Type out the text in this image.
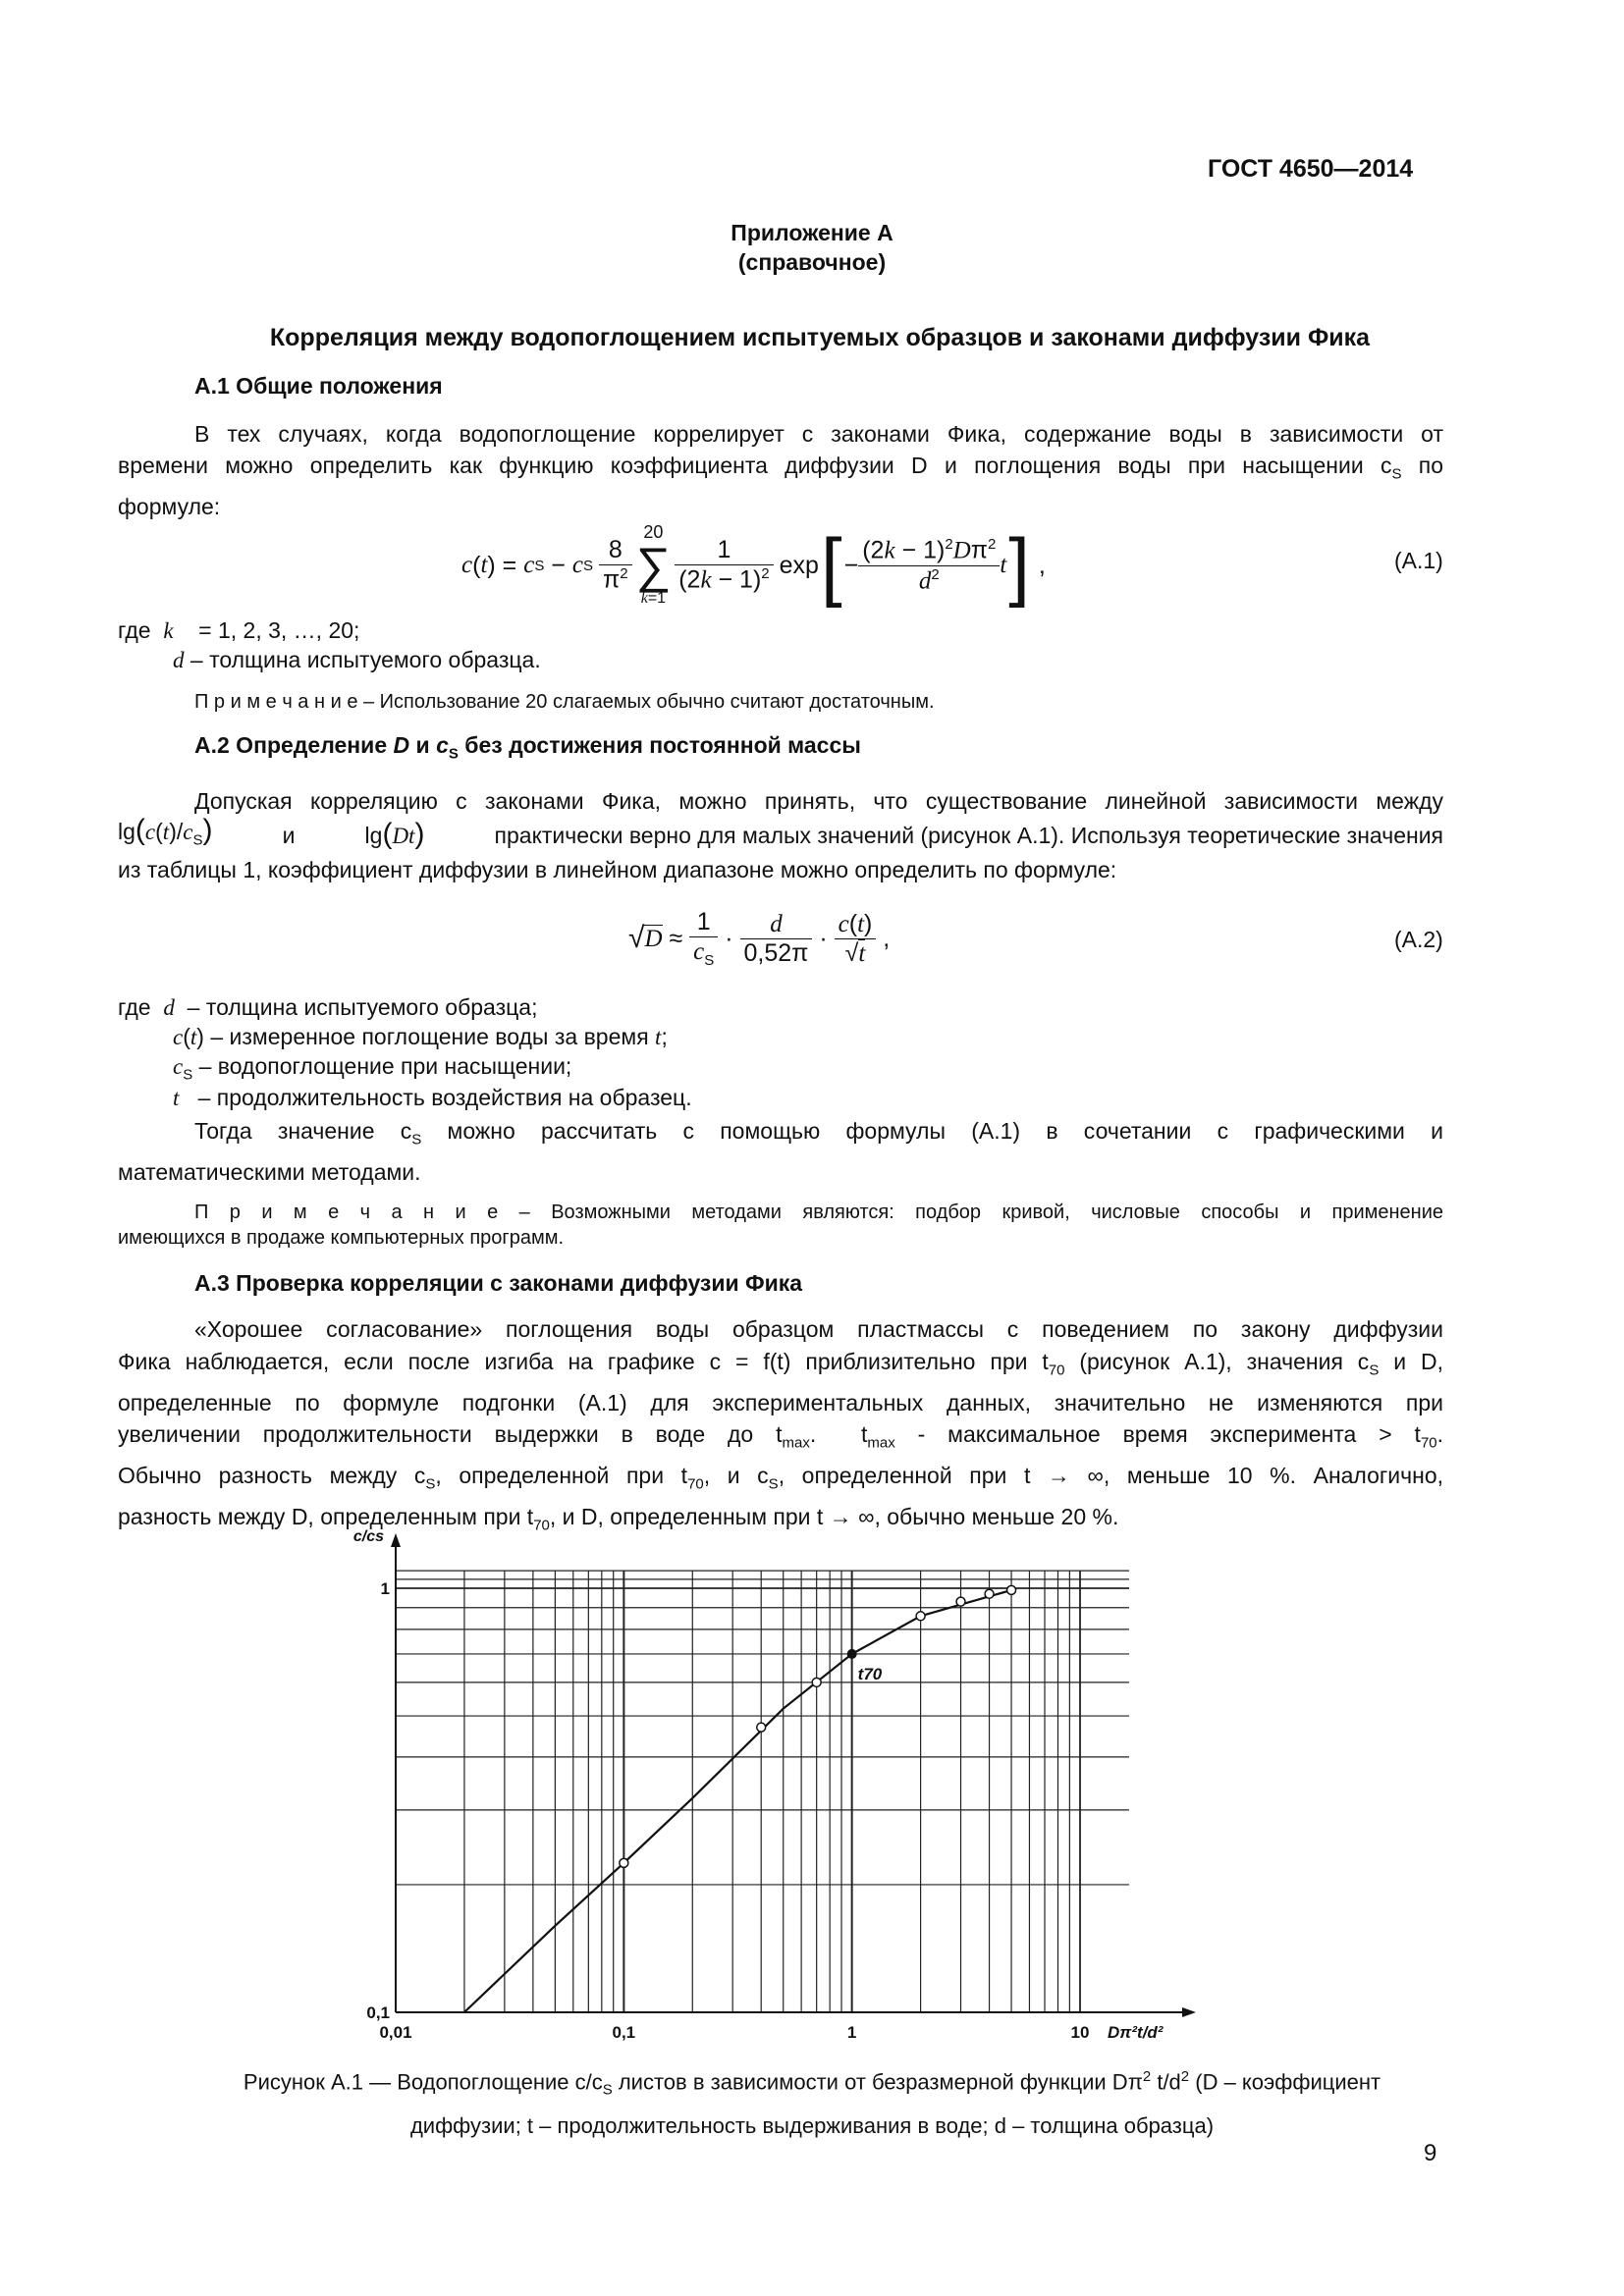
ГОСТ 4650—2014
Приложение А
(справочное)
Корреляция между водопоглощением испытуемых образцов и законами диффузии Фика
А.1 Общие положения
В тех случаях, когда водопоглощение коррелирует с законами Фика, содержание воды в зависимости от
времени можно определить как функцию коэффициента диффузии D и поглощения воды при насыщении $c_S$ по
формуле:
c ( t ) = c S − c S $\frac{8}{\pi^2}$
20
∑
k=1
$\frac{1}{(2k - 1)^2}$ exp [ − $\frac{(2k - 1)^2D\pi^2}{d^2}$ t ] ,	(А.1)
где k = 1, 2, 3, …, 20;
d – толщина испытуемого образца.
П р и м е ч а н и е – Использование 20 слагаемых обычно считают достаточным.
А.2 Определение D и $c_S$ без достижения постоянной массы
Допуская корреляцию с законами Фика, можно принять, что существование линейной зависимости между
$\lg(c(t)/c_S)$	и	lg(Dt)	практически верно для малых значений (рисунок А.1). Используя теоретические значения
из таблицы 1, коэффициент диффузии в линейном диапазоне можно определить по формуле:
√ $D \approx \frac{1}{c_S} \cdot \frac{d}{0,52\pi} \cdot \frac{c(t)}{√t}$ ,	(А.2)
где d – толщина испытуемого образца;
c(t) – измеренное поглощение воды за время t;
$c_S$ – водопоглощение при насыщении;
t – продолжительность воздействия на образец.
Тогда значение $c_S$ можно рассчитать с помощью формулы (А.1) в сочетании с графическими и
математическими методами.
П р и м е ч а н и е – Возможными методами являются: подбор кривой, числовые способы и применение
имеющихся в продаже компьютерных программ.
А.3 Проверка корреляции с законами диффузии Фика
«Хорошее согласование» поглощения воды образцом пластмассы с поведением по закону диффузии
Фика наблюдается, если после изгиба на графике c = f(t) приблизительно при $t_{70}$ (рисунок А.1), значения $c_S$ и D,
определенные по формуле подгонки (А.1) для экспериментальных данных, значительно не изменяются при
увеличении продолжительности выдержки в воде до $t_{max}$.  $t_{max}$ - максимальное время эксперимента > $t_{70}$.
Обычно разность между $c_S$, определенной при $t_{70}$, и $c_S$, определенной при t → ∞, меньше 10 %. Аналогично,
разность между D, определенным при $t_{70}$, и D, определенным при t → ∞, обычно меньше 20 %.
0,01	0,1	1	10
0,1
1
c/cs
Dπ²t/d²
t70
Рисунок А.1 — Водопоглощение $c/c_S$ листов в зависимости от безразмерной функции $D\pi^2$ $t/d^2$ (D – коэффициент
диффузии; t – продолжительность выдерживания в воде; d – толщина образца)
9
